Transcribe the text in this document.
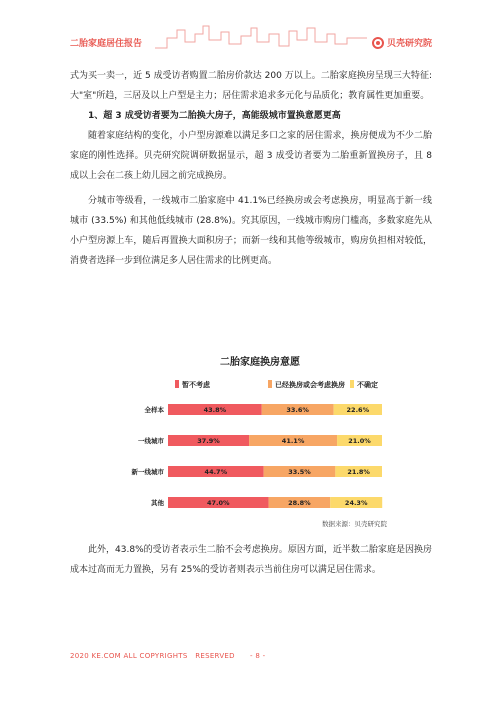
二胎家庭居住报告	贝壳研究院

式为买一卖一，近 5 成受访者购置二胎房价款达 200 万以上。二胎家庭换房呈现三大特征:大"室"所趋，三居及以上户型是主力；居住需求追求多元化与品质化；教育属性更加重要。

1、超 3 成受访者要为二胎换大房子，高能级城市置换意愿更高

随着家庭结构的变化，小户型房源难以满足多口之家的居住需求，换房便成为不少二胎家庭的刚性选择。贝壳研究院调研数据显示，超 3 成受访者要为二胎重新置换房子，且 8 成以上会在二孩上幼儿园之前完成换房。

分城市等级看，一线城市二胎家庭中 41.1%已经换房或会考虑换房，明显高于新一线城市 (33.5%) 和其他低线城市 (28.8%)。究其原因，一线城市购房门槛高，多数家庭先从小户型房源上车，随后再置换大面积房子；而新一线和其他等级城市，购房负担相对较低，消费者选择一步到位满足多人居住需求的比例更高。

二胎家庭换房意愿
暂不考虑	已经换房或会考虑换房 不确定
全样本	43.8%	33.6%	22.6%
一线城市	37.9%	41.1%	21.0%
新一线城市	44.7%	33.5%	21.8%
其他	47.0%	28.8%	24.3%
数据来源：贝壳研究院

此外，43.8%的受访者表示生二胎不会考虑换房。原因方面，近半数二胎家庭是因换房成本过高而无力置换，另有 25%的受访者则表示当前住房可以满足居住需求。

2020 KE.COM ALL COPYRIGHTS   RESERVED      - 8 -
